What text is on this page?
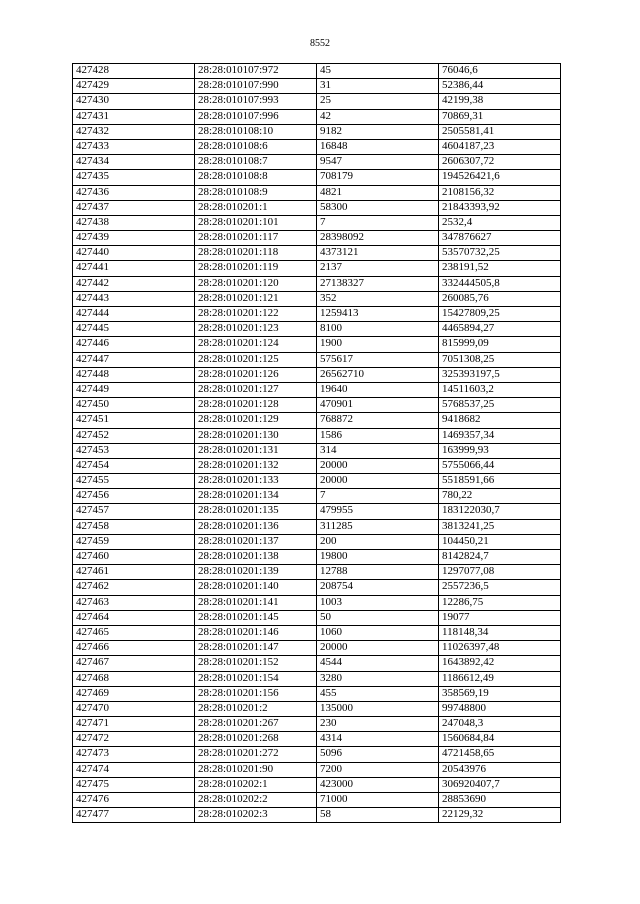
8552
427428	28:28:010107:972	45	76046,6
427429	28:28:010107:990	31	52386,44
427430	28:28:010107:993	25	42199,38
427431	28:28:010107:996	42	70869,31
427432	28:28:010108:10	9182	2505581,41
427433	28:28:010108:6	16848	4604187,23
427434	28:28:010108:7	9547	2606307,72
427435	28:28:010108:8	708179	194526421,6
427436	28:28:010108:9	4821	2108156,32
427437	28:28:010201:1	58300	21843393,92
427438	28:28:010201:101	7	2532,4
427439	28:28:010201:117	28398092	347876627
427440	28:28:010201:118	4373121	53570732,25
427441	28:28:010201:119	2137	238191,52
427442	28:28:010201:120	27138327	332444505,8
427443	28:28:010201:121	352	260085,76
427444	28:28:010201:122	1259413	15427809,25
427445	28:28:010201:123	8100	4465894,27
427446	28:28:010201:124	1900	815999,09
427447	28:28:010201:125	575617	7051308,25
427448	28:28:010201:126	26562710	325393197,5
427449	28:28:010201:127	19640	14511603,2
427450	28:28:010201:128	470901	5768537,25
427451	28:28:010201:129	768872	9418682
427452	28:28:010201:130	1586	1469357,34
427453	28:28:010201:131	314	163999,93
427454	28:28:010201:132	20000	5755066,44
427455	28:28:010201:133	20000	5518591,66
427456	28:28:010201:134	7	780,22
427457	28:28:010201:135	479955	183122030,7
427458	28:28:010201:136	311285	3813241,25
427459	28:28:010201:137	200	104450,21
427460	28:28:010201:138	19800	8142824,7
427461	28:28:010201:139	12788	1297077,08
427462	28:28:010201:140	208754	2557236,5
427463	28:28:010201:141	1003	12286,75
427464	28:28:010201:145	50	19077
427465	28:28:010201:146	1060	118148,34
427466	28:28:010201:147	20000	11026397,48
427467	28:28:010201:152	4544	1643892,42
427468	28:28:010201:154	3280	1186612,49
427469	28:28:010201:156	455	358569,19
427470	28:28:010201:2	135000	99748800
427471	28:28:010201:267	230	247048,3
427472	28:28:010201:268	4314	1560684,84
427473	28:28:010201:272	5096	4721458,65
427474	28:28:010201:90	7200	20543976
427475	28:28:010202:1	423000	306920407,7
427476	28:28:010202:2	71000	28853690
427477	28:28:010202:3	58	22129,32
